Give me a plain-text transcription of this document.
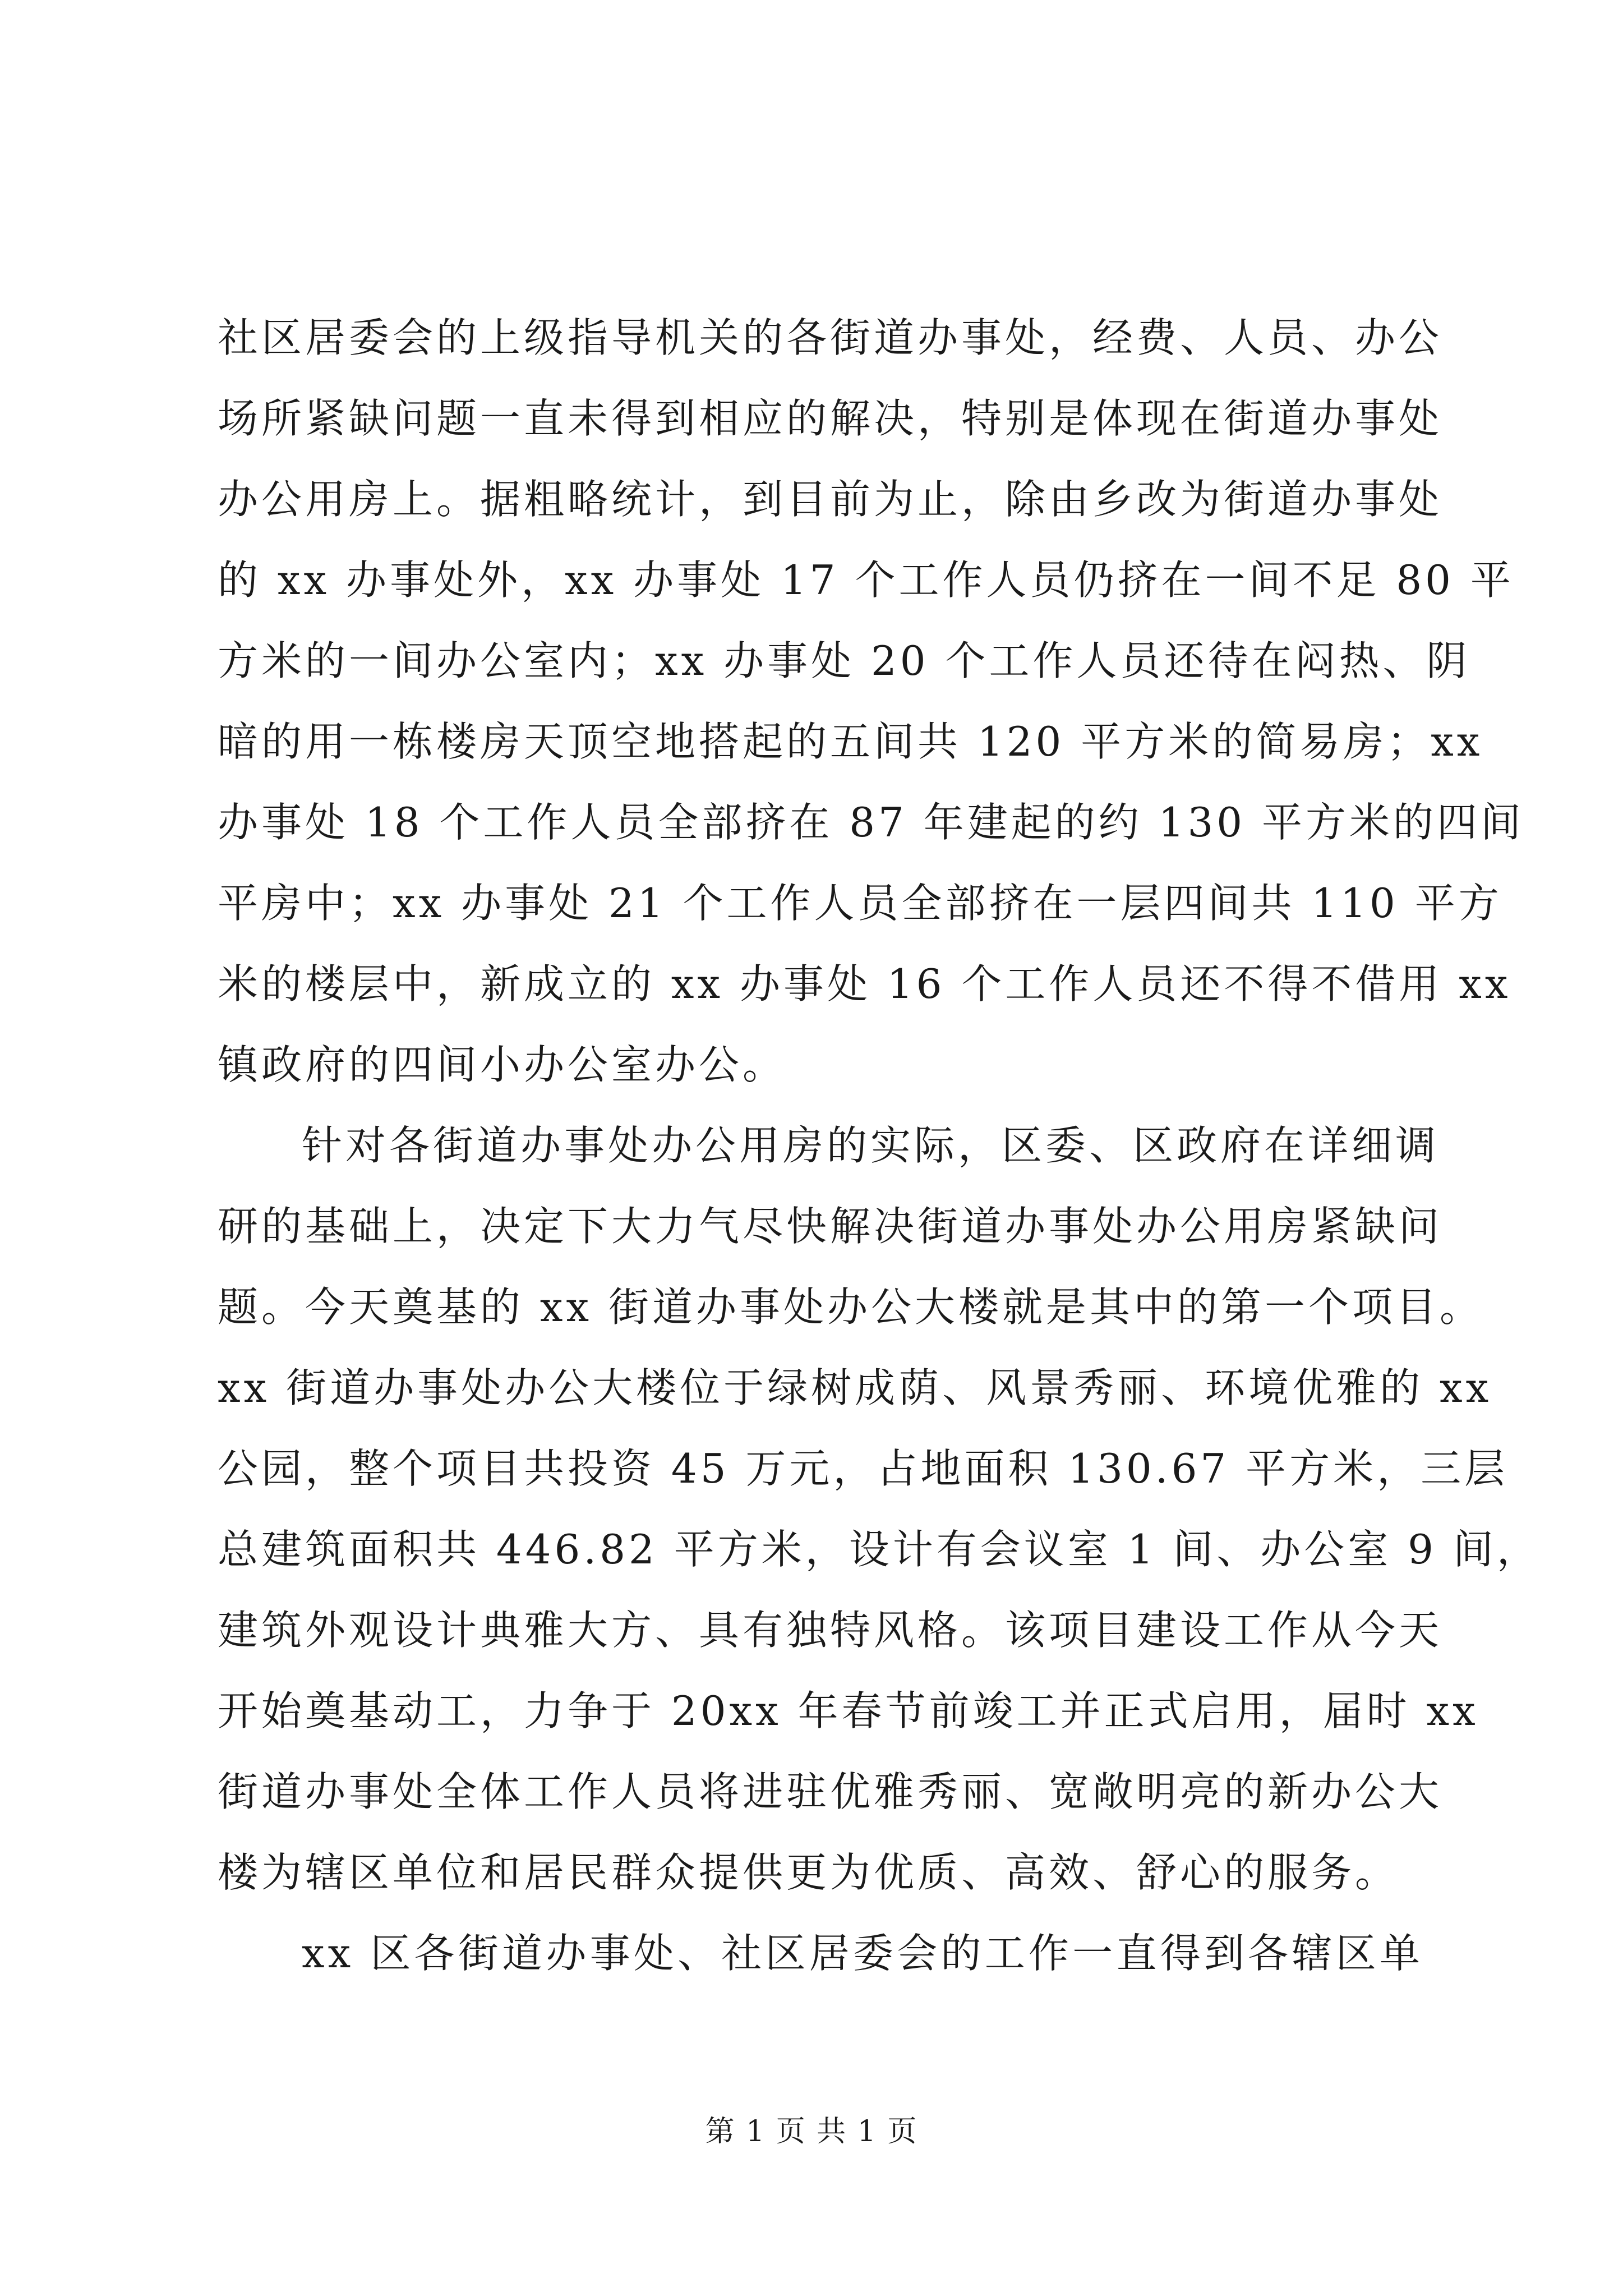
社区居委会的上级指导机关的各街道办事处，经费、人员、办公
场所紧缺问题一直未得到相应的解决，特别是体现在街道办事处
办公用房上。据粗略统计，到目前为止，除由乡改为街道办事处
的 xx 办事处外，xx 办事处 17 个工作人员仍挤在一间不足 80 平
方米的一间办公室内；xx 办事处 20 个工作人员还待在闷热、阴
暗的用一栋楼房天顶空地搭起的五间共 120 平方米的简易房；xx
办事处 18 个工作人员全部挤在 87 年建起的约 130 平方米的四间
平房中；xx 办事处 21 个工作人员全部挤在一层四间共 110 平方
米的楼层中，新成立的 xx 办事处 16 个工作人员还不得不借用 xx
镇政府的四间小办公室办公。
针对各街道办事处办公用房的实际，区委、区政府在详细调
研的基础上，决定下大力气尽快解决街道办事处办公用房紧缺问
题。今天奠基的 xx 街道办事处办公大楼就是其中的第一个项目。
xx 街道办事处办公大楼位于绿树成荫、风景秀丽、环境优雅的 xx
公园，整个项目共投资 45 万元，占地面积 130.67 平方米，三层
总建筑面积共 446.82 平方米，设计有会议室 1 间、办公室 9 间，
建筑外观设计典雅大方、具有独特风格。该项目建设工作从今天
开始奠基动工，力争于 20xx 年春节前竣工并正式启用，届时 xx
街道办事处全体工作人员将进驻优雅秀丽、宽敞明亮的新办公大
楼为辖区单位和居民群众提供更为优质、高效、舒心的服务。
xx 区各街道办事处、社区居委会的工作一直得到各辖区单
第 1 页 共 1 页
